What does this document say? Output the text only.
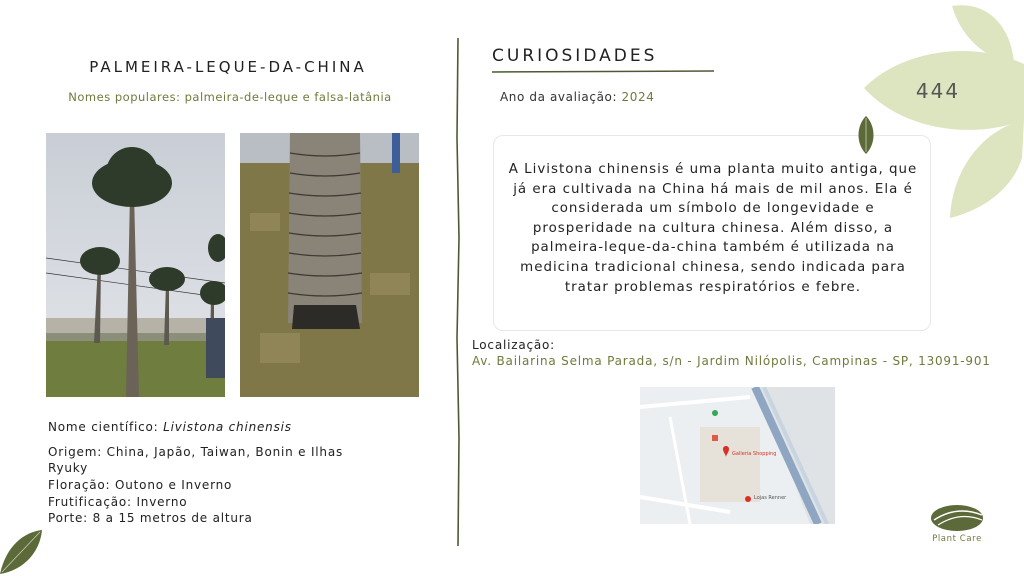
PALMEIRA-LEQUE-DA-CHINA
Nomes populares: palmeira-de-leque e falsa-latânia
Nome científico: Livistona chinensis
Origem: China, Japão, Taiwan, Bonin e Ilhas Ryuky
Floração: Outono e Inverno
Frutificação: Inverno
Porte: 8 a 15 metros de altura
CURIOSIDADES
Ano da avaliação: 2024
A Livistona chinensis é uma planta muito antiga, que já era cultivada na China há mais de mil anos. Ela é considerada um símbolo de longevidade e prosperidade na cultura chinesa. Além disso, a palmeira-leque-da-china também é utilizada na medicina tradicional chinesa, sendo indicada para tratar problemas respiratórios e febre.
Localização:
Av. Bailarina Selma Parada, s/n - Jardim Nilópolis, Campinas - SP, 13091-901
Galleria Shopping
Lojas Renner
444
Plant Care
